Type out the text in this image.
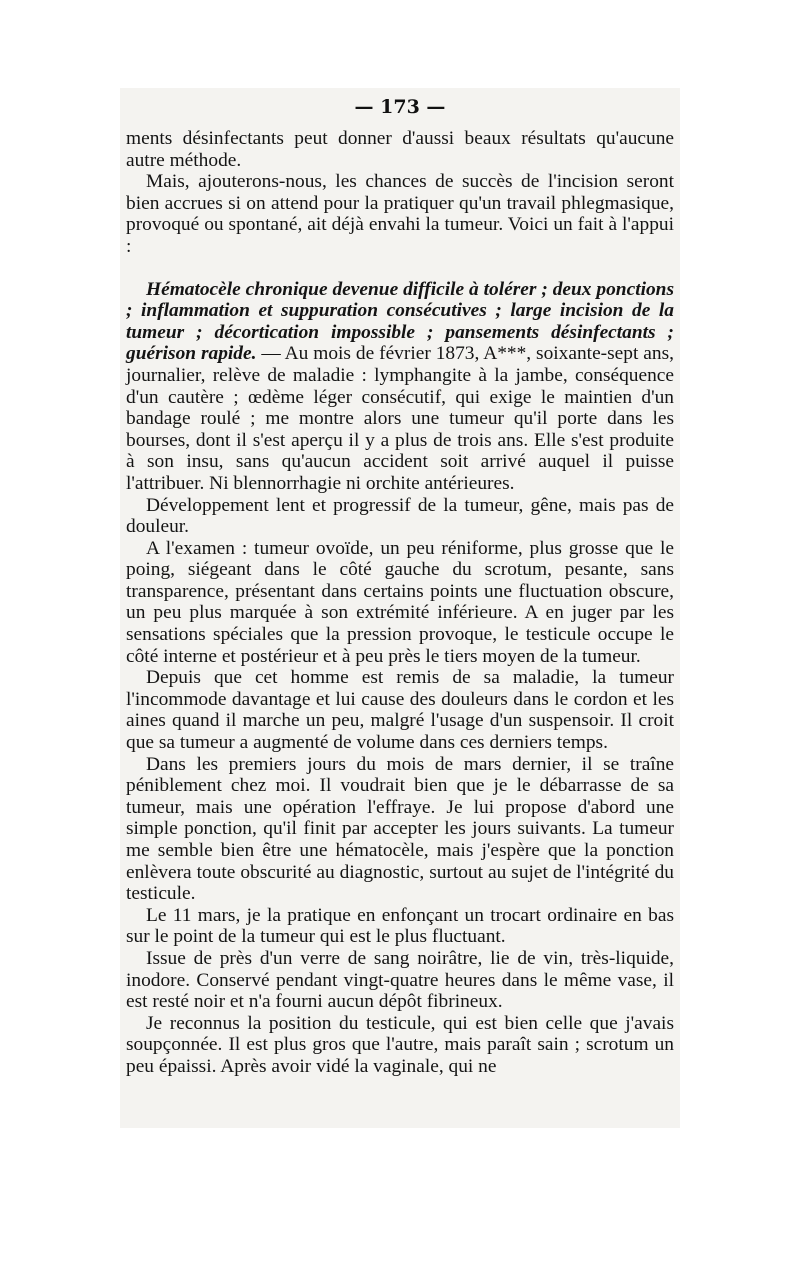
— 173 —

ments désinfectants peut donner d'aussi beaux résultats qu'aucune autre méthode.

Mais, ajouterons-nous, les chances de succès de l'incision seront bien accrues si on attend pour la pratiquer qu'un travail phlegmasique, provoqué ou spontané, ait déjà envahi la tumeur. Voici un fait à l'appui :

Hématocèle chronique devenue difficile à tolérer ; deux ponctions ; inflammation et suppuration consécutives ; large incision de la tumeur ; décortication impossible ; pansements désinfectants ; guérison rapide. — Au mois de février 1873, A***, soixante-sept ans, journalier, relève de maladie : lymphangite à la jambe, conséquence d'un cautère ; œdème léger consécutif, qui exige le maintien d'un bandage roulé ; me montre alors une tumeur qu'il porte dans les bourses, dont il s'est aperçu il y a plus de trois ans. Elle s'est produite à son insu, sans qu'aucun accident soit arrivé auquel il puisse l'attribuer. Ni blennorrhagie ni orchite antérieures.

Développement lent et progressif de la tumeur, gêne, mais pas de douleur.

A l'examen : tumeur ovoïde, un peu réniforme, plus grosse que le poing, siégeant dans le côté gauche du scrotum, pesante, sans transparence, présentant dans certains points une fluctuation obscure, un peu plus marquée à son extrémité inférieure. A en juger par les sensations spéciales que la pression provoque, le testicule occupe le côté interne et postérieur et à peu près le tiers moyen de la tumeur.

Depuis que cet homme est remis de sa maladie, la tumeur l'incommode davantage et lui cause des douleurs dans le cordon et les aines quand il marche un peu, malgré l'usage d'un suspensoir. Il croit que sa tumeur a augmenté de volume dans ces derniers temps.

Dans les premiers jours du mois de mars dernier, il se traîne péniblement chez moi. Il voudrait bien que je le débarrasse de sa tumeur, mais une opération l'effraye. Je lui propose d'abord une simple ponction, qu'il finit par accepter les jours suivants. La tumeur me semble bien être une hématocèle, mais j'espère que la ponction enlèvera toute obscurité au diagnostic, surtout au sujet de l'intégrité du testicule.

Le 11 mars, je la pratique en enfonçant un trocart ordinaire en bas sur le point de la tumeur qui est le plus fluctuant.

Issue de près d'un verre de sang noirâtre, lie de vin, très-liquide, inodore. Conservé pendant vingt-quatre heures dans le même vase, il est resté noir et n'a fourni aucun dépôt fibrineux.

Je reconnus la position du testicule, qui est bien celle que j'avais soupçonnée. Il est plus gros que l'autre, mais paraît sain ; scrotum un peu épaissi. Après avoir vidé la vaginale, qui ne
